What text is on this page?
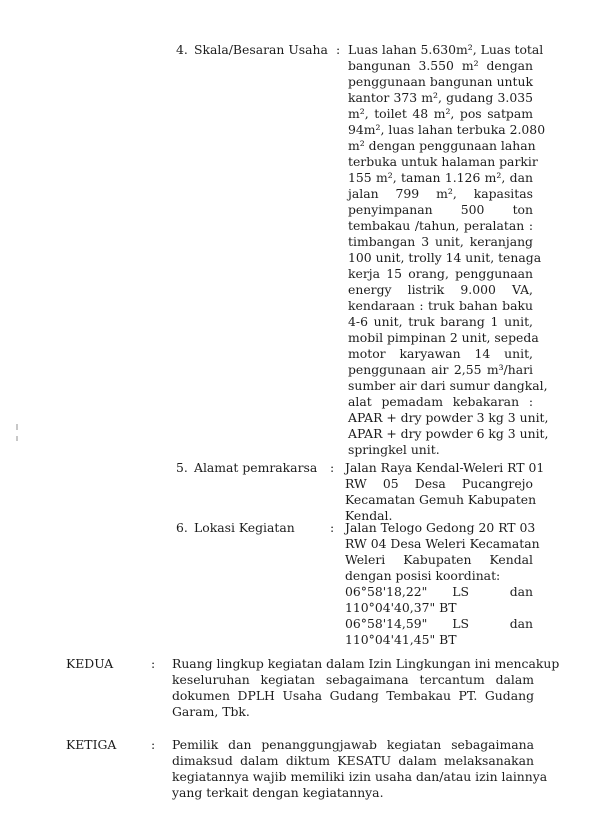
4. Skala/Besaran Usaha : Luas lahan 5.630m², Luas total
bangunan 3.550 m² dengan
penggunaan bangunan untuk
kantor 373 m², gudang 3.035
m², toilet 48 m², pos satpam
94m², luas lahan terbuka 2.080
m² dengan penggunaan lahan
terbuka untuk halaman parkir
155 m², taman 1.126 m², dan
jalan 799 m², kapasitas
penyimpanan 500 ton
tembakau /tahun, peralatan :
timbangan 3 unit, keranjang
100 unit, trolly 14 unit, tenaga
kerja 15 orang, penggunaan
energy listrik 9.000 VA,
kendaraan : truk bahan baku
4-6 unit, truk barang 1 unit,
mobil pimpinan 2 unit, sepeda
motor karyawan 14 unit,
penggunaan air 2,55 m³/hari
sumber air dari sumur dangkal,
alat pemadam kebakaran :
APAR + dry powder 3 kg 3 unit,
APAR + dry powder 6 kg 3 unit,
springkel unit.
5. Alamat pemrakarsa : Jalan Raya Kendal-Weleri RT 01
RW 05 Desa Pucangrejo
Kecamatan Gemuh Kabupaten
Kendal.
6. Lokasi Kegiatan	: Jalan Telogo Gedong 20 RT 03
RW 04 Desa Weleri Kecamatan
Weleri Kabupaten Kendal
dengan posisi koordinat:
06°58'18,22"	LS	dan
110°04'40,37" BT
06°58'14,59"	LS	dan
110°04'41,45" BT
KEDUA	: Ruang lingkup kegiatan dalam Izin Lingkungan ini mencakup
keseluruhan kegiatan sebagaimana tercantum dalam
dokumen DPLH Usaha Gudang Tembakau PT. Gudang
Garam, Tbk.
KETIGA	: Pemilik dan penanggungjawab kegiatan sebagaimana
dimaksud dalam diktum KESATU dalam melaksanakan
kegiatannya wajib memiliki izin usaha dan/atau izin lainnya
yang terkait dengan kegiatannya.
